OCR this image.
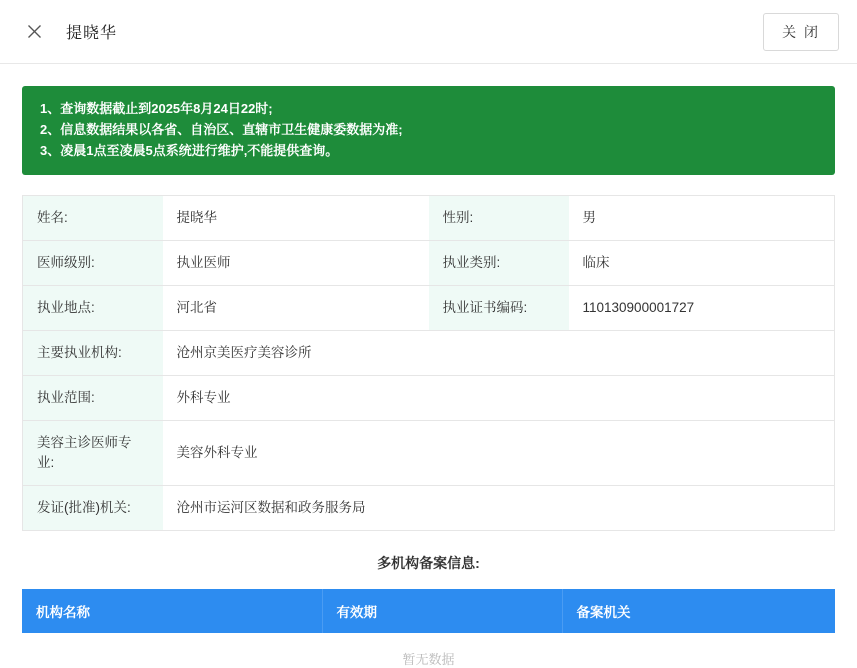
提晓华	关 闭
1、查询数据截止到2025年8月24日22时;
2、信息数据结果以各省、自治区、直辖市卫生健康委数据为准;
3、凌晨1点至凌晨5点系统进行维护,不能提供查询。
姓名:	提晓华	性别:	男
医师级别:	执业医师	执业类别:	临床
执业地点:	河北省	执业证书编码:	110130900001727
主要执业机构:	沧州京美医疗美容诊所		
执业范围:	外科专业		
美容主诊医师专业:	美容外科专业		
发证(批准)机关:	沧州市运河区数据和政务服务局		
多机构备案信息:
机构名称	有效期	备案机关
暂无数据
